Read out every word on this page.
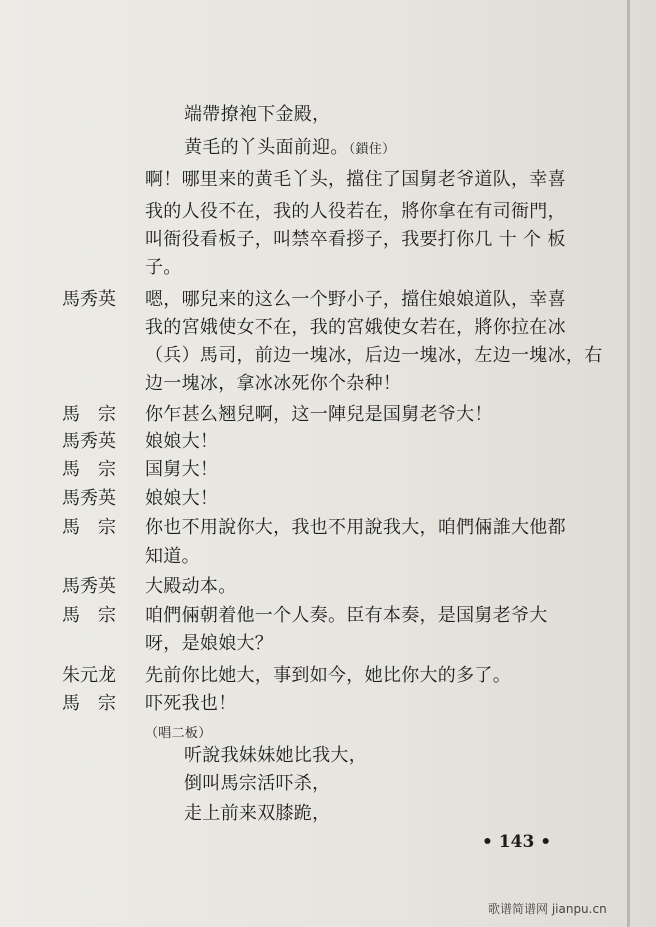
端帶撩袍下金殿，
黄毛的丫头面前迎。（鎖住）
啊！哪里来的黄毛丫头，擋住了国舅老爷道队，幸喜
我的人役不在，我的人役若在，將你拿在有司衙門，
叫衙役看板子，叫禁卒看拶子，我要打你几 十 个 板
子。
馬秀英	嗯，哪兒来的这么一个野小子，擋住娘娘道队，幸喜
我的宮娥使女不在，我的宮娥使女若在，將你拉在冰
（兵）馬司，前边一塊冰，后边一塊冰，左边一塊冰，右
边一塊冰，拿冰冰死你个杂种！
馬　宗	你乍甚么翘兒啊，这一陣兒是国舅老爷大！
馬秀英	娘娘大！
馬　宗	国舅大！
馬秀英	娘娘大！
馬　宗	你也不用說你大，我也不用說我大，咱們倆誰大他都
知道。
馬秀英	大殿动本。
馬　宗	咱們倆朝着他一个人奏。臣有本奏，是国舅老爷大
呀，是娘娘大？
朱元龙	先前你比她大，事到如今，她比你大的多了。
馬　宗	吓死我也！
（唱二板）
听說我妹妹她比我大，
倒叫馬宗活吓杀，
走上前来双膝跪，
• 143 •
歌谱简谱网 jianpu.cn
